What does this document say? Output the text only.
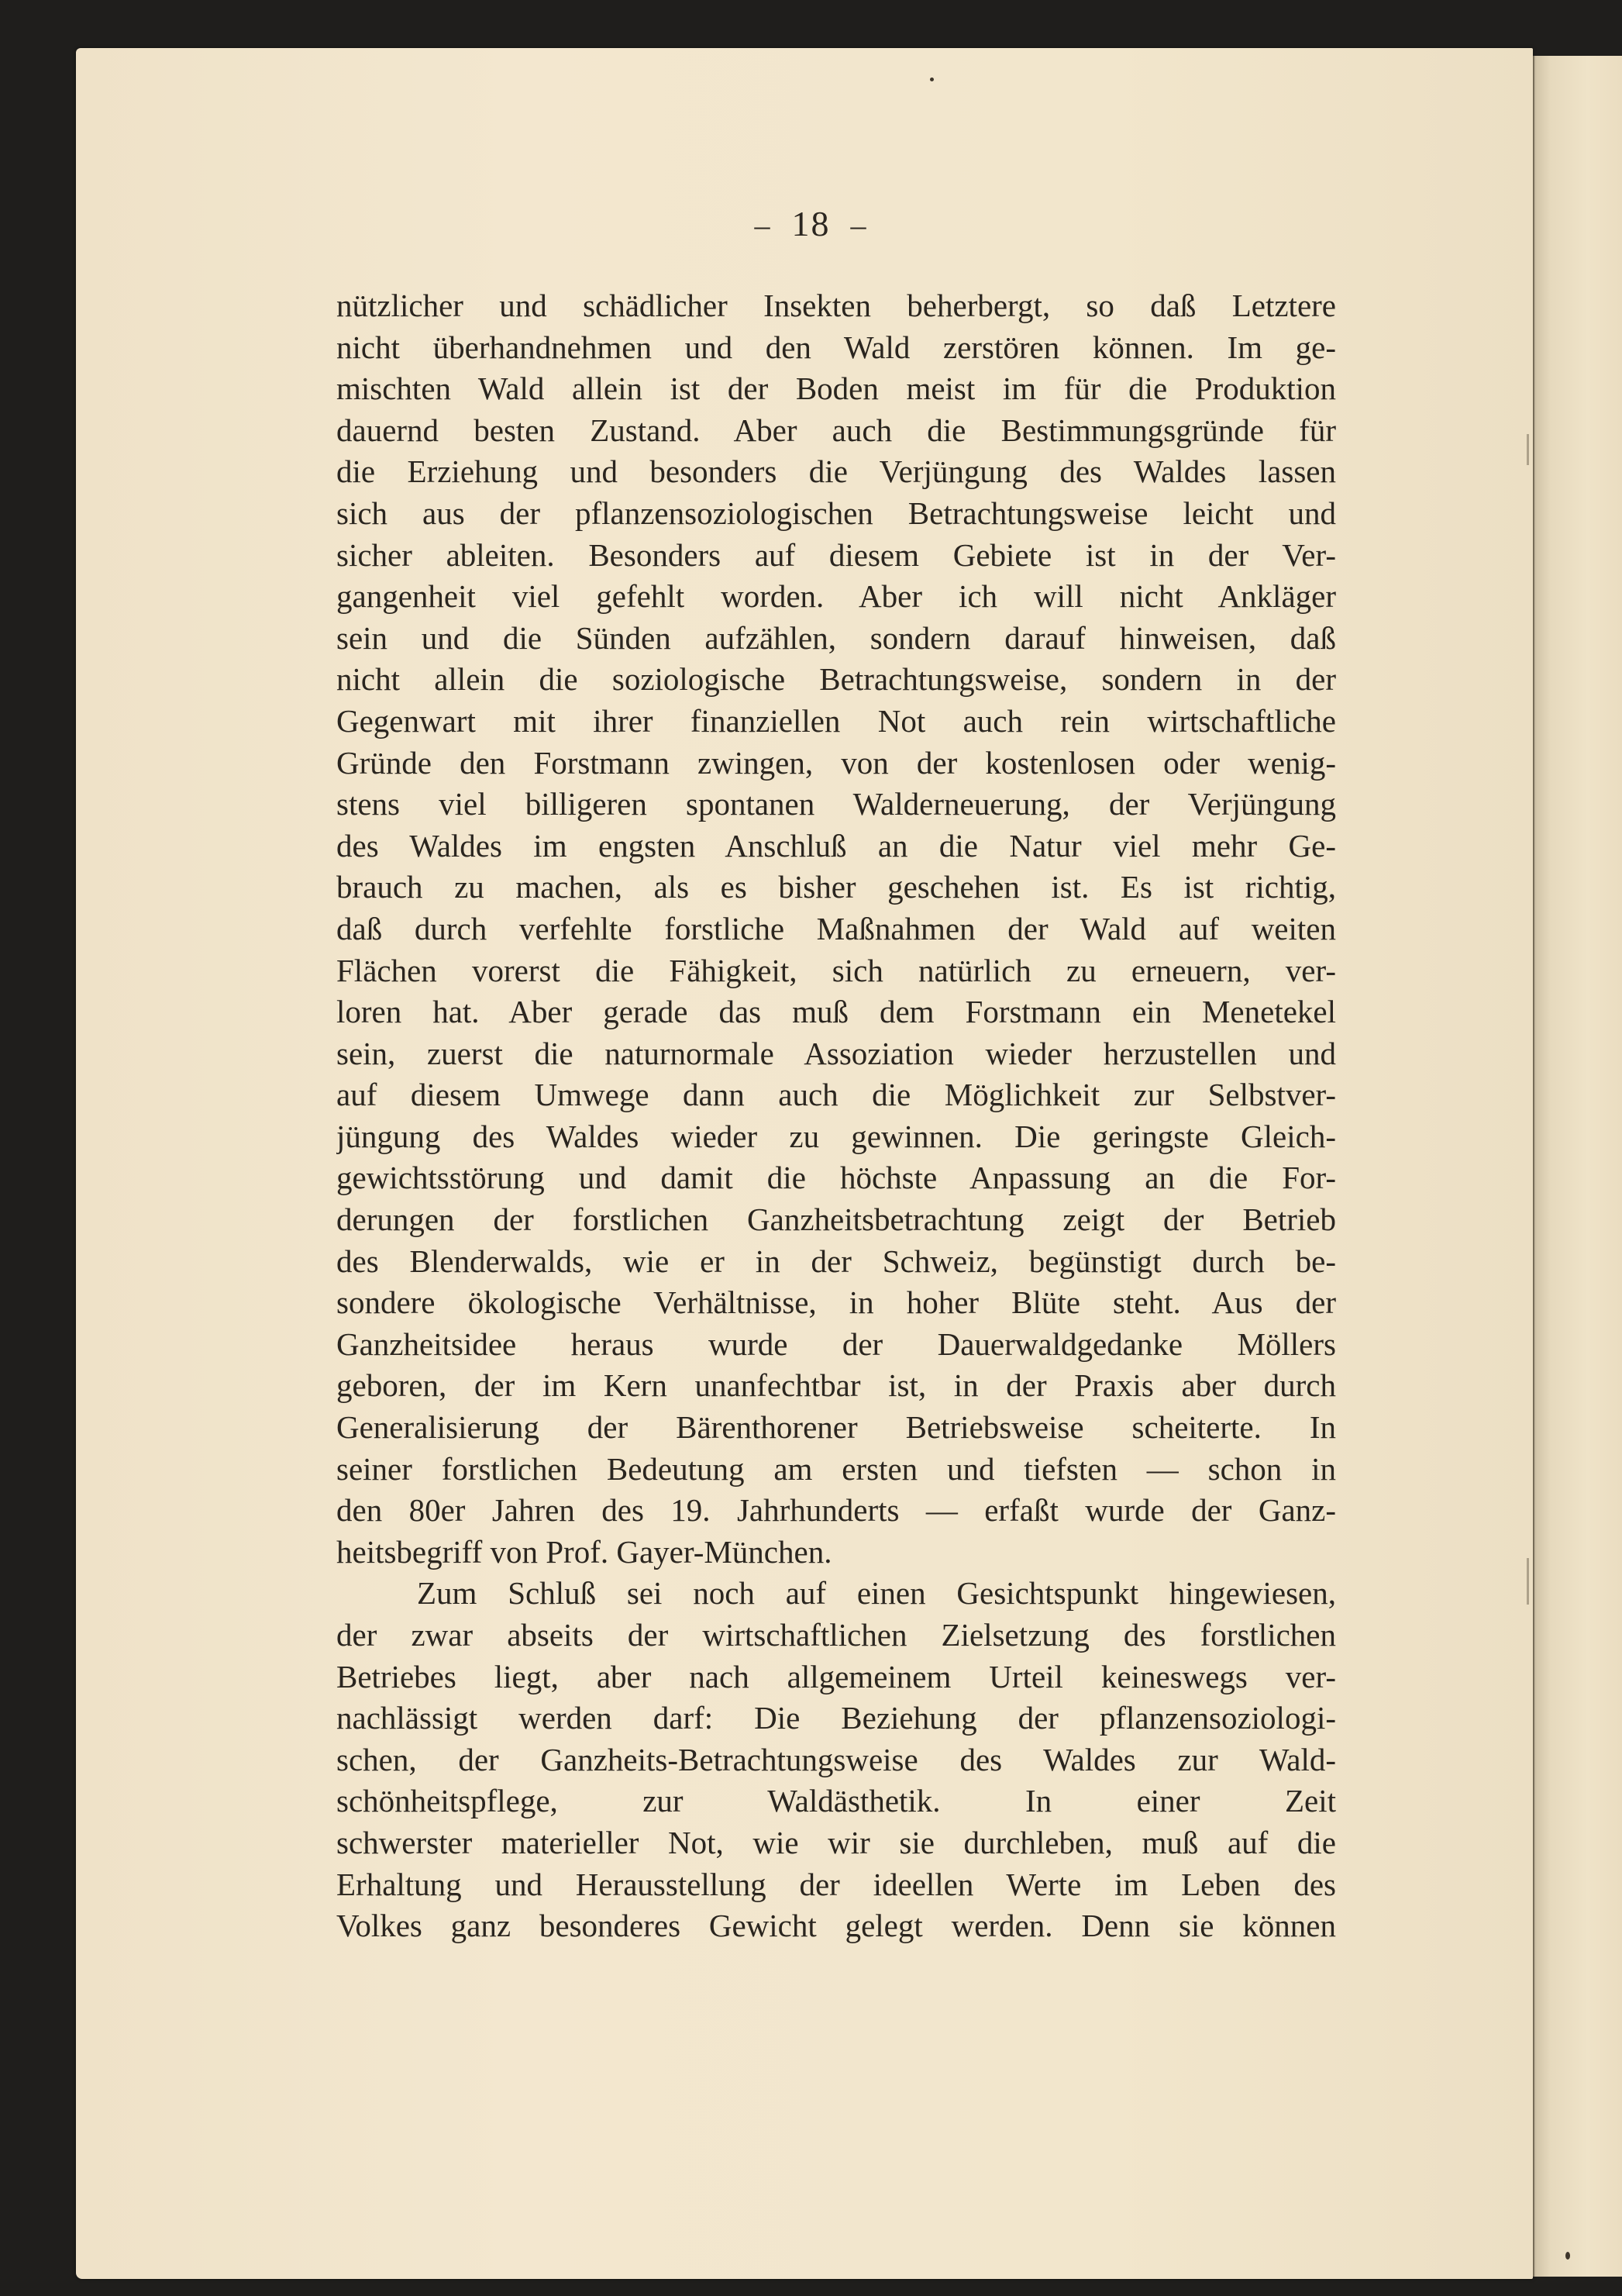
– 18 –
nützlicher und schädlicher Insekten beherbergt, so daß Letztere
nicht überhandnehmen und den Wald zerstören können. Im ge-
mischten Wald allein ist der Boden meist im für die Produktion
dauernd besten Zustand. Aber auch die Bestimmungsgründe für
die Erziehung und besonders die Verjüngung des Waldes lassen
sich aus der pflanzensoziologischen Betrachtungsweise leicht und
sicher ableiten. Besonders auf diesem Gebiete ist in der Ver-
gangenheit viel gefehlt worden. Aber ich will nicht Ankläger
sein und die Sünden aufzählen, sondern darauf hinweisen, daß
nicht allein die soziologische Betrachtungsweise, sondern in der
Gegenwart mit ihrer finanziellen Not auch rein wirtschaftliche
Gründe den Forstmann zwingen, von der kostenlosen oder wenig-
stens viel billigeren spontanen Walderneuerung, der Verjüngung
des Waldes im engsten Anschluß an die Natur viel mehr Ge-
brauch zu machen, als es bisher geschehen ist. Es ist richtig,
daß durch verfehlte forstliche Maßnahmen der Wald auf weiten
Flächen vorerst die Fähigkeit, sich natürlich zu erneuern, ver-
loren hat. Aber gerade das muß dem Forstmann ein Menetekel
sein, zuerst die naturnormale Assoziation wieder herzustellen und
auf diesem Umwege dann auch die Möglichkeit zur Selbstver-
jüngung des Waldes wieder zu gewinnen. Die geringste Gleich-
gewichtsstörung und damit die höchste Anpassung an die For-
derungen der forstlichen Ganzheitsbetrachtung zeigt der Betrieb
des Blenderwalds, wie er in der Schweiz, begünstigt durch be-
sondere ökologische Verhältnisse, in hoher Blüte steht. Aus der
Ganzheitsidee heraus wurde der Dauerwaldgedanke Möllers
geboren, der im Kern unanfechtbar ist, in der Praxis aber durch
Generalisierung der Bärenthorener Betriebsweise scheiterte. In
seiner forstlichen Bedeutung am ersten und tiefsten — schon in
den 80er Jahren des 19. Jahrhunderts — erfaßt wurde der Ganz-
heitsbegriff von Prof. Gayer-München.
Zum Schluß sei noch auf einen Gesichtspunkt hingewiesen,
der zwar abseits der wirtschaftlichen Zielsetzung des forstlichen
Betriebes liegt, aber nach allgemeinem Urteil keineswegs ver-
nachlässigt werden darf: Die Beziehung der pflanzensoziologi-
schen, der Ganzheits-Betrachtungsweise des Waldes zur Wald-
schönheitspflege, zur Waldästhetik. In einer Zeit
schwerster materieller Not, wie wir sie durchleben, muß auf die
Erhaltung und Herausstellung der ideellen Werte im Leben des
Volkes ganz besonderes Gewicht gelegt werden. Denn sie können
